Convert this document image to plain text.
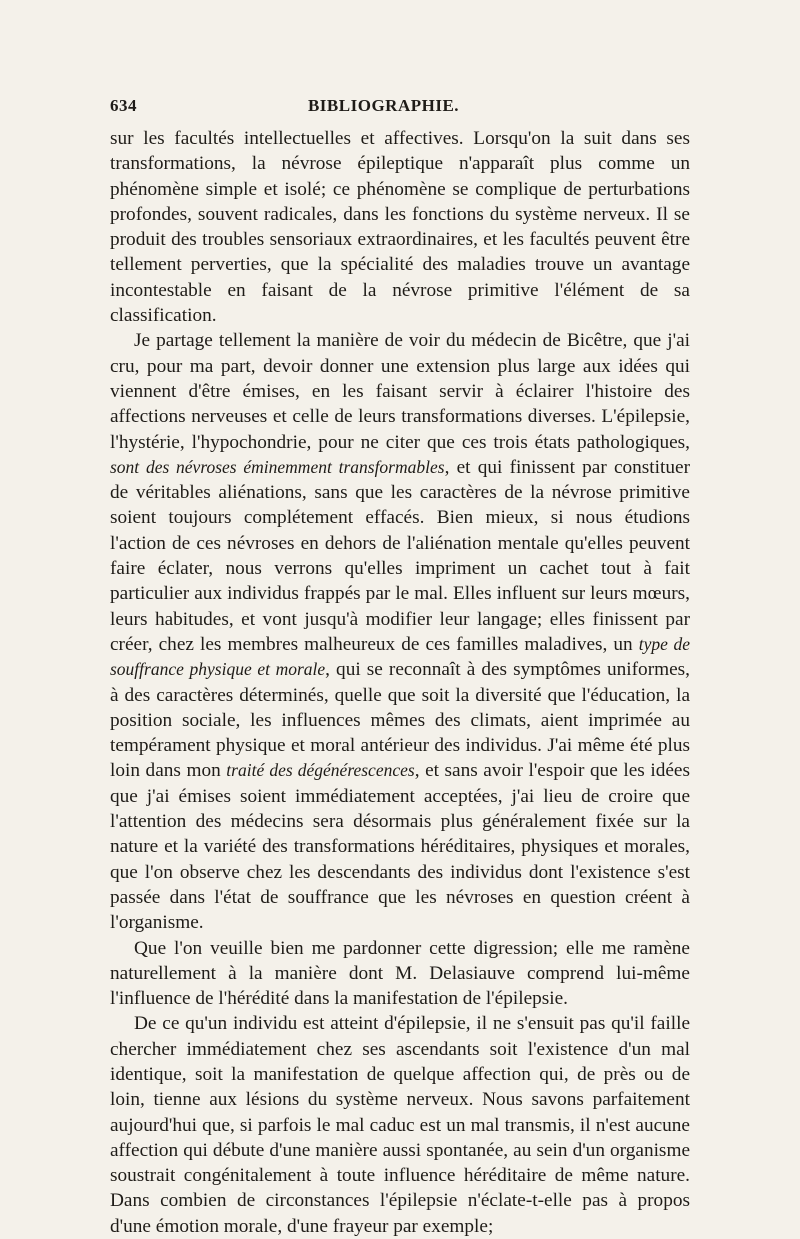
634	BIBLIOGRAPHIE.

sur les facultés intellectuelles et affectives. Lorsqu'on la suit dans ses transformations, la névrose épileptique n'apparaît plus comme un phénomène simple et isolé; ce phénomène se complique de perturbations profondes, souvent radicales, dans les fonctions du système nerveux. Il se produit des troubles sensoriaux extraordinaires, et les facultés peuvent être tellement perverties, que la spécialité des maladies trouve un avantage incontestable en faisant de la névrose primitive l'élément de sa classification.

Je partage tellement la manière de voir du médecin de Bicêtre, que j'ai cru, pour ma part, devoir donner une extension plus large aux idées qui viennent d'être émises, en les faisant servir à éclairer l'histoire des affections nerveuses et celle de leurs transformations diverses. L'épilepsie, l'hystérie, l'hypochondrie, pour ne citer que ces trois états pathologiques, sont des névroses éminemment transformables, et qui finissent par constituer de véritables aliénations, sans que les caractères de la névrose primitive soient toujours complétement effacés. Bien mieux, si nous étudions l'action de ces névroses en dehors de l'aliénation mentale qu'elles peuvent faire éclater, nous verrons qu'elles impriment un cachet tout à fait particulier aux individus frappés par le mal. Elles influent sur leurs mœurs, leurs habitudes, et vont jusqu'à modifier leur langage; elles finissent par créer, chez les membres malheureux de ces familles maladives, un type de souffrance physique et morale, qui se reconnaît à des symptômes uniformes, à des caractères déterminés, quelle que soit la diversité que l'éducation, la position sociale, les influences mêmes des climats, aient imprimée au tempérament physique et moral antérieur des individus. J'ai même été plus loin dans mon traité des dégénérescences, et sans avoir l'espoir que les idées que j'ai émises soient immédiatement acceptées, j'ai lieu de croire que l'attention des médecins sera désormais plus généralement fixée sur la nature et la variété des transformations héréditaires, physiques et morales, que l'on observe chez les descendants des individus dont l'existence s'est passée dans l'état de souffrance que les névroses en question créent à l'organisme.

Que l'on veuille bien me pardonner cette digression; elle me ramène naturellement à la manière dont M. Delasiauve comprend lui-même l'influence de l'hérédité dans la manifestation de l'épilepsie.

De ce qu'un individu est atteint d'épilepsie, il ne s'ensuit pas qu'il faille chercher immédiatement chez ses ascendants soit l'existence d'un mal identique, soit la manifestation de quelque affection qui, de près ou de loin, tienne aux lésions du système nerveux. Nous savons parfaitement aujourd'hui que, si parfois le mal caduc est un mal transmis, il n'est aucune affection qui débute d'une manière aussi spontanée, au sein d'un organisme soustrait congénitalement à toute influence héréditaire de même nature. Dans combien de circonstances l'épilepsie n'éclate-t-elle pas à propos d'une émotion morale, d'une frayeur par exemple;
